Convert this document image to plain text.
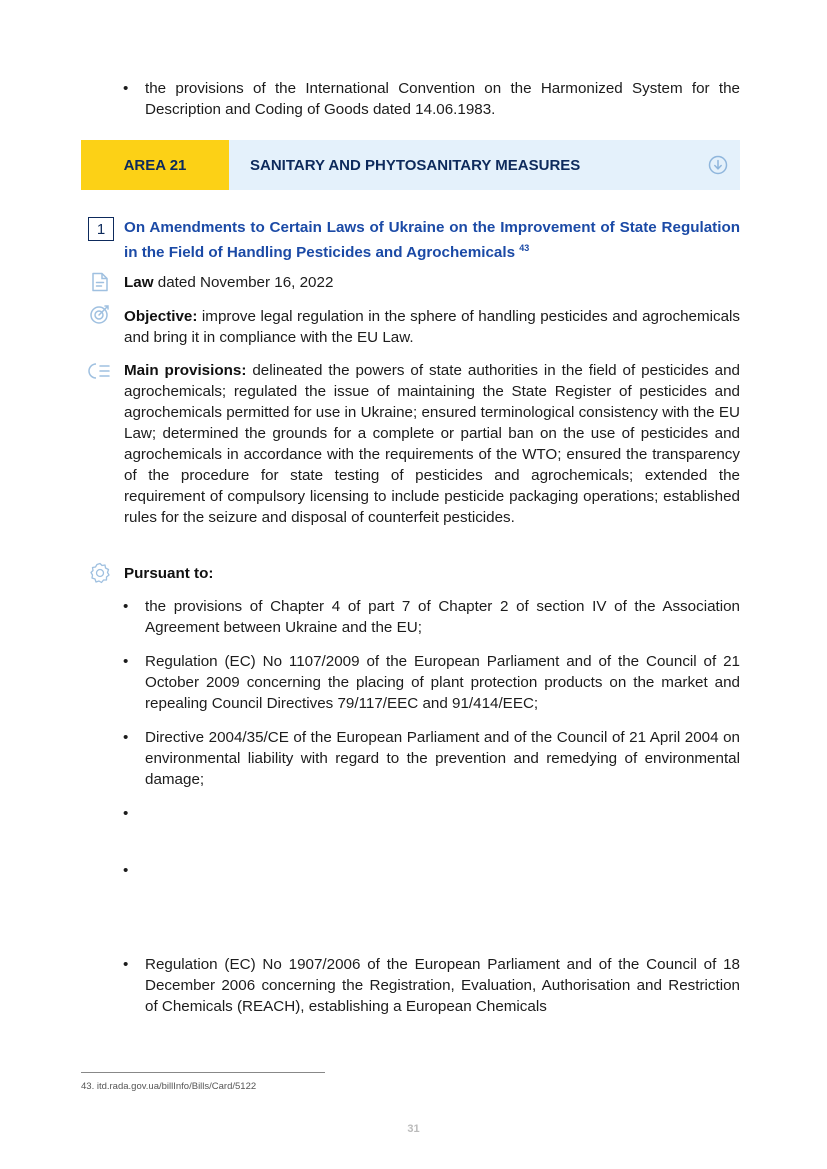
•	the provisions of the International Convention on the Harmonized System for the Description and Coding of Goods dated 14.06.1983.
AREA 21	SANITARY AND PHYTOSANITARY MEASURES
1	On Amendments to Certain Laws of Ukraine on the Improvement of State Regulation in the Field of Handling Pesticides and Agrochemicals $^{43}$
Law dated November 16, 2022
Objective: improve legal regulation in the sphere of handling pesticides and agrochemicals and bring it in compliance with the EU Law.
Main provisions: delineated the powers of state authorities in the field of pesticides and agrochemicals; regulated the issue of maintaining the State Register of pesticides and agrochemicals permitted for use in Ukraine; ensured terminological consistency with the EU Law; determined the grounds for a complete or partial ban on the use of pesticides and agrochemicals in accordance with the requirements of the WTO; ensured the transparency of the procedure for state testing of pesticides and agrochemicals; extended the requirement of compulsory licensing to include pesticide packaging operations; established rules for the seizure and disposal of counterfeit pesticides.
Pursuant to:
•	the provisions of Chapter 4 of part 7 of Chapter 2 of section IV of the Association Agreement between Ukraine and the EU;
•	Regulation (EC) No 1107/2009 of the European Parliament and of the Council of 21 October 2009 concerning the placing of plant protection products on the market and repealing Council Directives 79/117/EEC and 91/414/EEC;
•	Directive 2004/35/CE of the European Parliament and of the Council of 21 April 2004 on environmental liability with regard to the prevention and remedying of environmental damage;
•
•
•	Regulation (EC) No 1907/2006 of the European Parliament and of the Council of 18 December 2006 concerning the Registration, Evaluation, Authorisation and Restriction of Chemicals (REACH), establishing a European Chemicals
43. itd.rada.gov.ua/billInfo/Bills/Card/5122
31
